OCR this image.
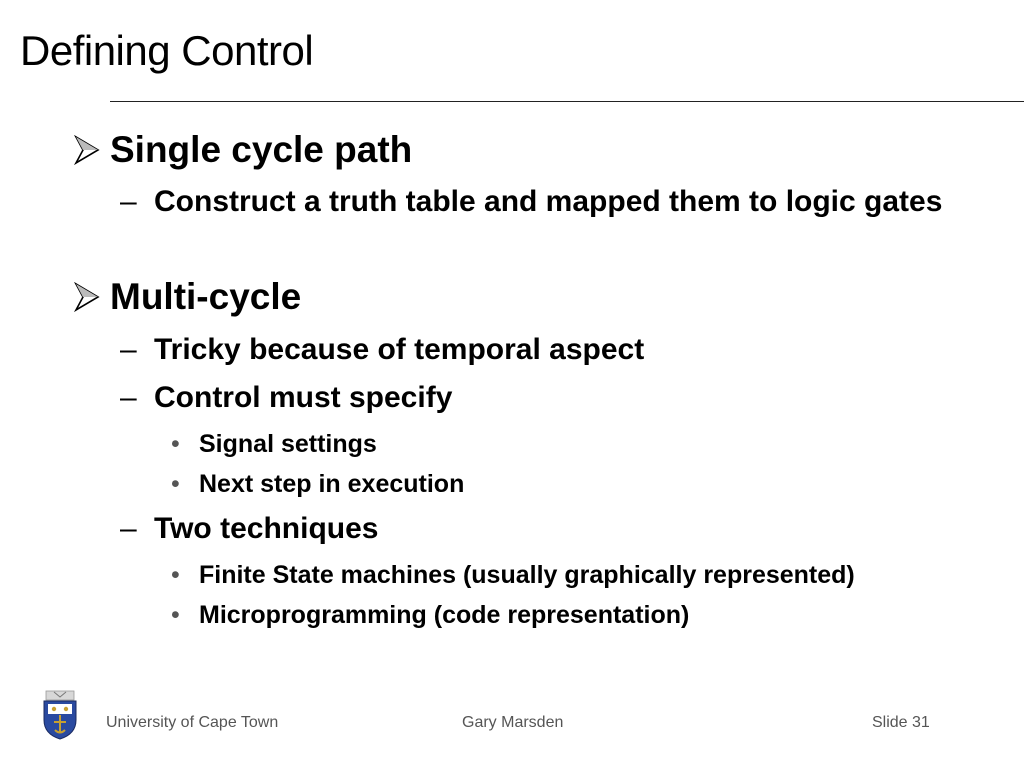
Defining Control
Single cycle path
– Construct a truth table and mapped them to logic gates
Multi-cycle
– Tricky because of temporal aspect
– Control must specify
• Signal settings
• Next step in execution
– Two techniques
• Finite State machines (usually graphically represented)
• Microprogramming (code representation)
University of Cape Town	Gary Marsden	Slide 31
